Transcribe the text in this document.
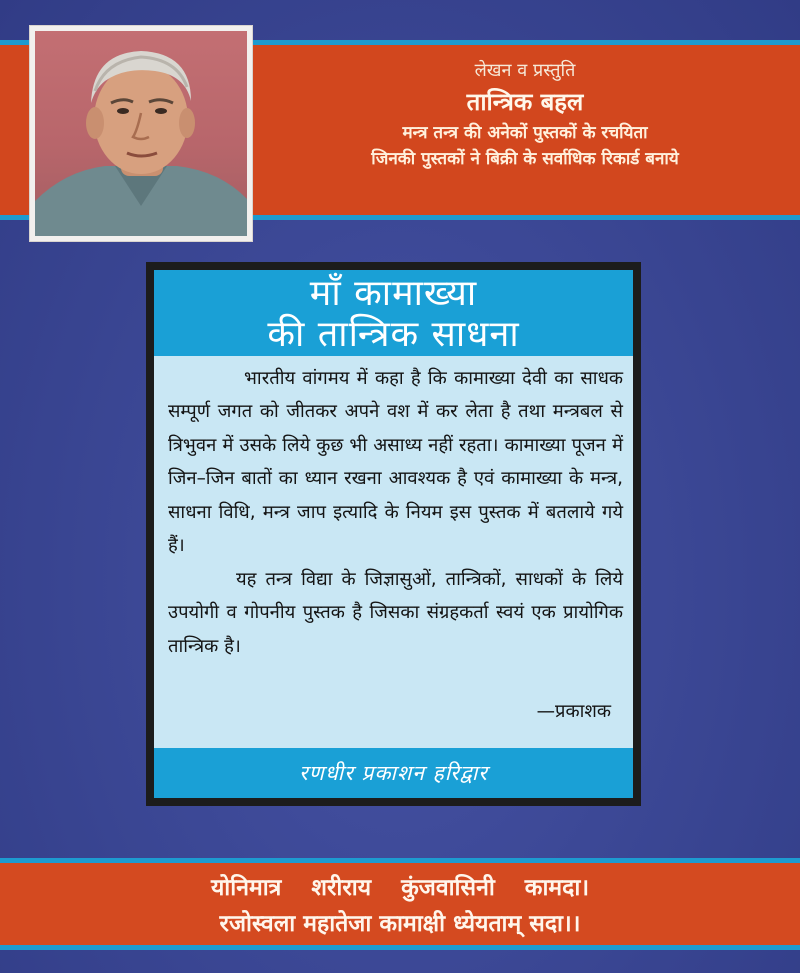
लेखन व प्रस्तुति
तान्त्रिक बहल
मन्त्र तन्त्र की अनेकों पुस्तकों के रचयिता
जिनकी पुस्तकों ने बिक्री के सर्वाधिक रिकार्ड बनाये
माँ कामाख्या
की तान्त्रिक साधना
भारतीय वांगमय में कहा है कि कामाख्या देवी का साधक सम्पूर्ण जगत को जीतकर अपने वश में कर लेता है तथा मन्त्रबल से त्रिभुवन में उसके लिये कुछ भी असाध्य नहीं रहता। कामाख्या पूजन में जिन–जिन बातों का ध्यान रखना आवश्यक है एवं कामाख्या के मन्त्र, साधना विधि, मन्त्र जाप इत्यादि के नियम इस पुस्तक में बतलाये गये हैं।
यह तन्त्र विद्या के जिज्ञासुओं, तान्त्रिकों, साधकों के लिये उपयोगी व गोपनीय पुस्तक है जिसका संग्रहकर्ता स्वयं एक प्रायोगिक तान्त्रिक है।
—प्रकाशक
रणधीर प्रकाशन हरिद्वार
योनिमात्र शरीराय कुंजवासिनी कामदा।
रजोस्वला महातेजा कामाक्षी ध्येयताम् सदा।।
